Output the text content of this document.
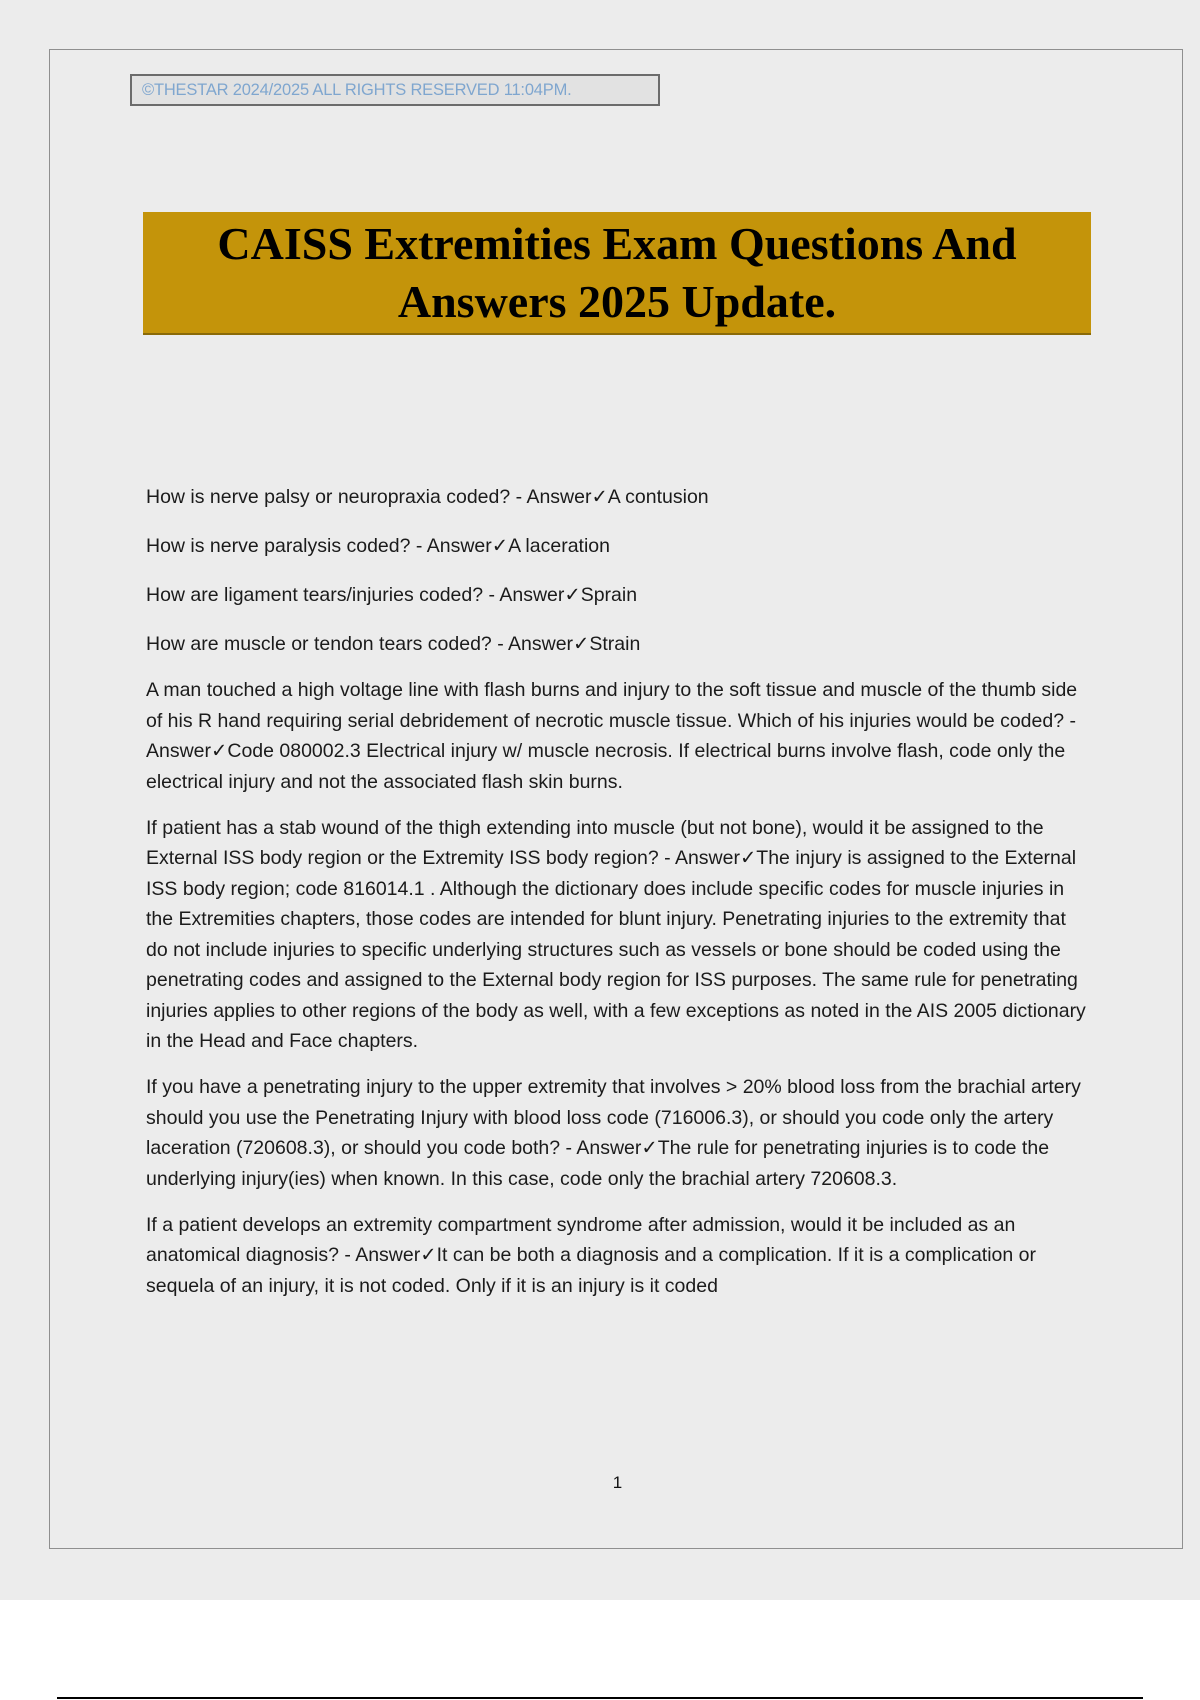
©THESTAR 2024/2025 ALL RIGHTS RESERVED 11:04PM.
CAISS Extremities Exam Questions And Answers 2025 Update.

How is nerve palsy or neuropraxia coded? - Answer✓A contusion

How is nerve paralysis coded? - Answer✓A laceration

How are ligament tears/injuries coded? - Answer✓Sprain

How are muscle or tendon tears coded? - Answer✓Strain

A man touched a high voltage line with flash burns and injury to the soft tissue and muscle of the thumb side of his R hand requiring serial debridement of necrotic muscle tissue. Which of his injuries would be coded? - Answer✓Code 080002.3 Electrical injury w/ muscle necrosis. If electrical burns involve flash, code only the electrical injury and not the associated flash skin burns.

If patient has a stab wound of the thigh extending into muscle (but not bone), would it be assigned to the External ISS body region or the Extremity ISS body region? - Answer✓The injury is assigned to the External ISS body region; code 816014.1 . Although the dictionary does include specific codes for muscle injuries in the Extremities chapters, those codes are intended for blunt injury. Penetrating injuries to the extremity that do not include injuries to specific underlying structures such as vessels or bone should be coded using the penetrating codes and assigned to the External body region for ISS purposes. The same rule for penetrating injuries applies to other regions of the body as well, with a few exceptions as noted in the AIS 2005 dictionary in the Head and Face chapters.

If you have a penetrating injury to the upper extremity that involves > 20% blood loss from the brachial artery should you use the Penetrating Injury with blood loss code (716006.3), or should you code only the artery laceration (720608.3), or should you code both? - Answer✓The rule for penetrating injuries is to code the underlying injury(ies) when known. In this case, code only the brachial artery 720608.3.

If a patient develops an extremity compartment syndrome after admission, would it be included as an anatomical diagnosis? - Answer✓It can be both a diagnosis and a complication. If it is a complication or sequela of an injury, it is not coded. Only if it is an injury is it coded

1
